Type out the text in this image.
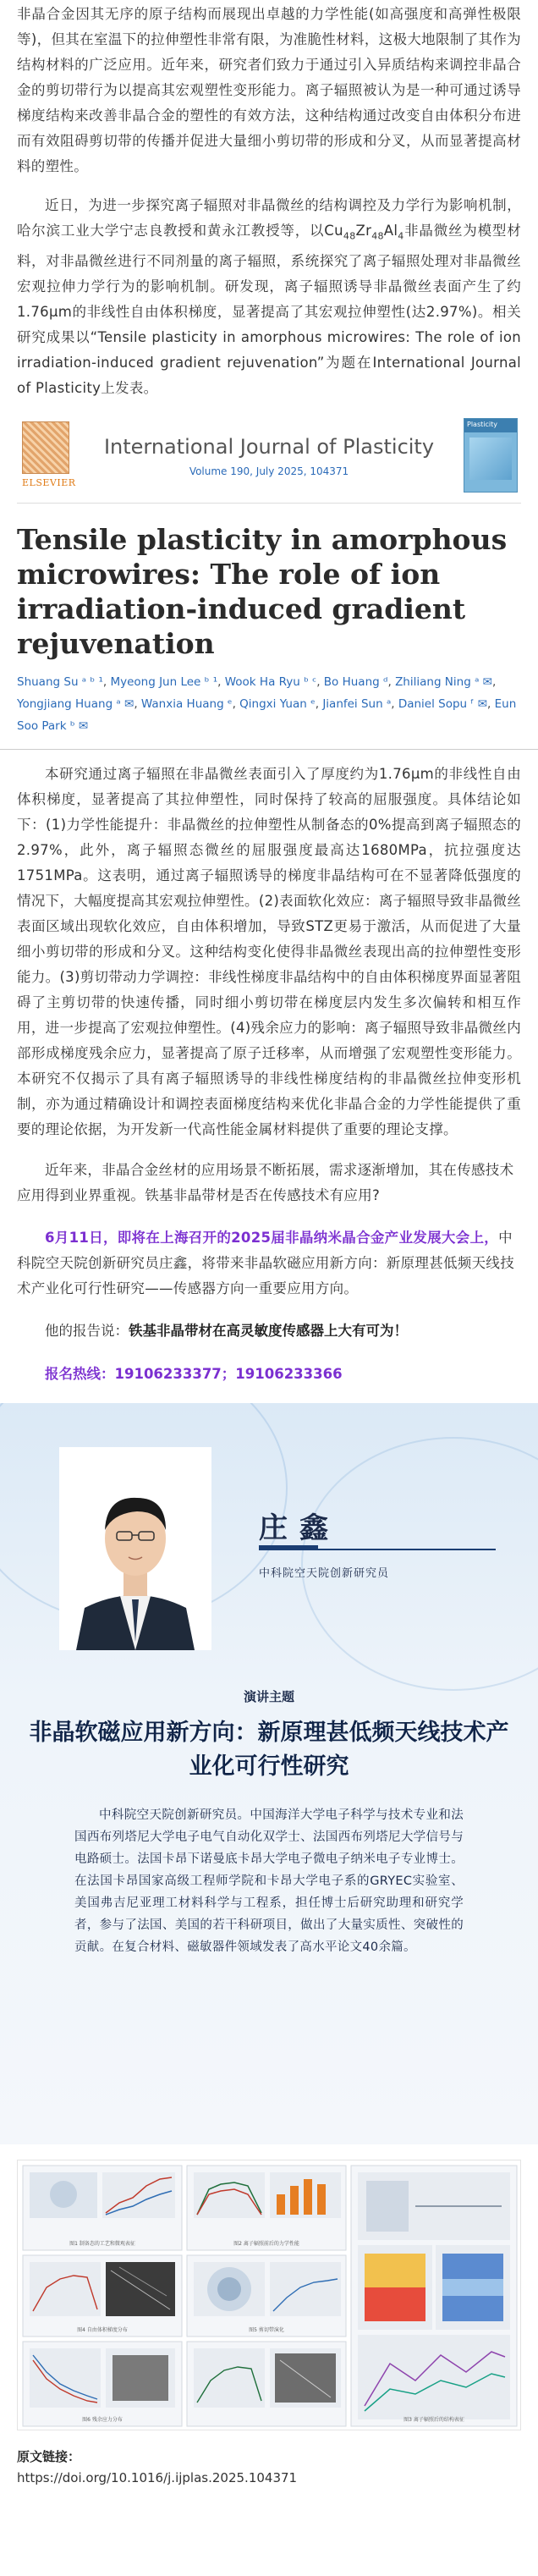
非晶合金因其无序的原子结构而展现出卓越的力学性能(如高强度和高弹性极限等)，但其在室温下的拉伸塑性非常有限，为准脆性材料，这极大地限制了其作为结构材料的广泛应用。近年来，研究者们致力于通过引入异质结构来调控非晶合金的剪切带行为以提高其宏观塑性变形能力。离子辐照被认为是一种可通过诱导梯度结构来改善非晶合金的塑性的有效方法，这种结构通过改变自由体积分布进而有效阻碍剪切带的传播并促进大量细小剪切带的形成和分叉，从而显著提高材料的塑性。

近日，为进一步探究离子辐照对非晶微丝的结构调控及力学行为影响机制，哈尔滨工业大学宁志良教授和黄永江教授等，以$Cu_{48}Zr_{48}Al_4$非晶微丝为模型材料，对非晶微丝进行不同剂量的离子辐照，系统探究了离子辐照处理对非晶微丝宏观拉伸力学行为的影响机制。研发现，离子辐照诱导非晶微丝表面产生了约1.76μm的非线性自由体积梯度，显著提高了其宏观拉伸塑性(达2.97%)。相关研究成果以“Tensile plasticity in amorphous microwires: The role of ion irradiation-induced gradient rejuvenation”为题在International Journal of Plasticity上发表。

ELSEVIER
International Journal of Plasticity
Volume 190, July 2025, 104371
Plasticity
Tensile plasticity in amorphous microwires: The role of ion irradiation-induced gradient rejuvenation
Shuang Su ᵃ ᵇ ¹, Myeong Jun Lee ᵇ ¹, Wook Ha Ryu ᵇ ᶜ, Bo Huang ᵈ, Zhiliang Ning ᵃ ✉, Yongjiang Huang ᵃ ✉, Wanxia Huang ᵉ, Qingxi Yuan ᵉ, Jianfei Sun ᵃ, Daniel Sopu ᶠ ✉, Eun Soo Park ᵇ ✉

本研究通过离子辐照在非晶微丝表面引入了厚度约为1.76μm的非线性自由体积梯度，显著提高了其拉伸塑性，同时保持了较高的屈服强度。具体结论如下：(1)力学性能提升：非晶微丝的拉伸塑性从制备态的0%提高到离子辐照态的2.97%，此外，离子辐照态微丝的屈服强度最高达1680MPa，抗拉强度达1751MPa。这表明，通过离子辐照诱导的梯度非晶结构可在不显著降低强度的情况下，大幅度提高其宏观拉伸塑性。(2)表面软化效应：离子辐照导致非晶微丝表面区域出现软化效应，自由体积增加，导致STZ更易于激活，从而促进了大量细小剪切带的形成和分叉。这种结构变化使得非晶微丝表现出高的拉伸塑性变形能力。(3)剪切带动力学调控：非线性梯度非晶结构中的自由体积梯度界面显著阻碍了主剪切带的快速传播，同时细小剪切带在梯度层内发生多次偏转和相互作用，进一步提高了宏观拉伸塑性。(4)残余应力的影响：离子辐照导致非晶微丝内部形成梯度残余应力，显著提高了原子迁移率，从而增强了宏观塑性变形能力。本研究不仅揭示了具有离子辐照诱导的非线性梯度结构的非晶微丝拉伸变形机制，亦为通过精确设计和调控表面梯度结构来优化非晶合金的力学性能提供了重要的理论依据，为开发新一代高性能金属材料提供了重要的理论支撑。

近年来，非晶合金丝材的应用场景不断拓展，需求逐渐增加，其在传感技术应用得到业界重视。铁基非晶带材是否在传感技术有应用?

6月11日，即将在上海召开的2025届非晶纳米晶合金产业发展大会上，中科院空天院创新研究员庄鑫，将带来非晶软磁应用新方向：新原理甚低频天线技术产业化可行性研究——传感器方向一重要应用方向。

他的报告说：铁基非晶带材在高灵敏度传感器上大有可为！

报名热线：19106233377；19106233366

庄鑫
中科院空天院创新研究员
演讲主题
非晶软磁应用新方向：新原理甚低频天线技术产业化可行性研究
中科院空天院创新研究员。中国海洋大学电子科学与技术专业和法国西布列塔尼大学电子电气自动化双学士、法国西布列塔尼大学信号与电路硕士。法国卡昂下诺曼底卡昂大学电子微电子纳米电子专业博士。在法国卡昂国家高级工程师学院和卡昂大学电子系的GRYEC实验室、美国弗吉尼亚理工材料科学与工程系，担任博士后研究助理和研究学者，参与了法国、美国的若干科研项目，做出了大量实质性、突破性的贡献。在复合材料、磁敏器件领域发表了高水平论文40余篇。
图1 制备态的工艺和微观表征	图2 离子辐照前后的力学性能
图3 离子辐照后的结构表征
图4 自由体积梯度分布	图5 剪切带演化
图6 残余应力分布
原文链接：
https://doi.org/10.1016/j.ijplas.2025.104371
